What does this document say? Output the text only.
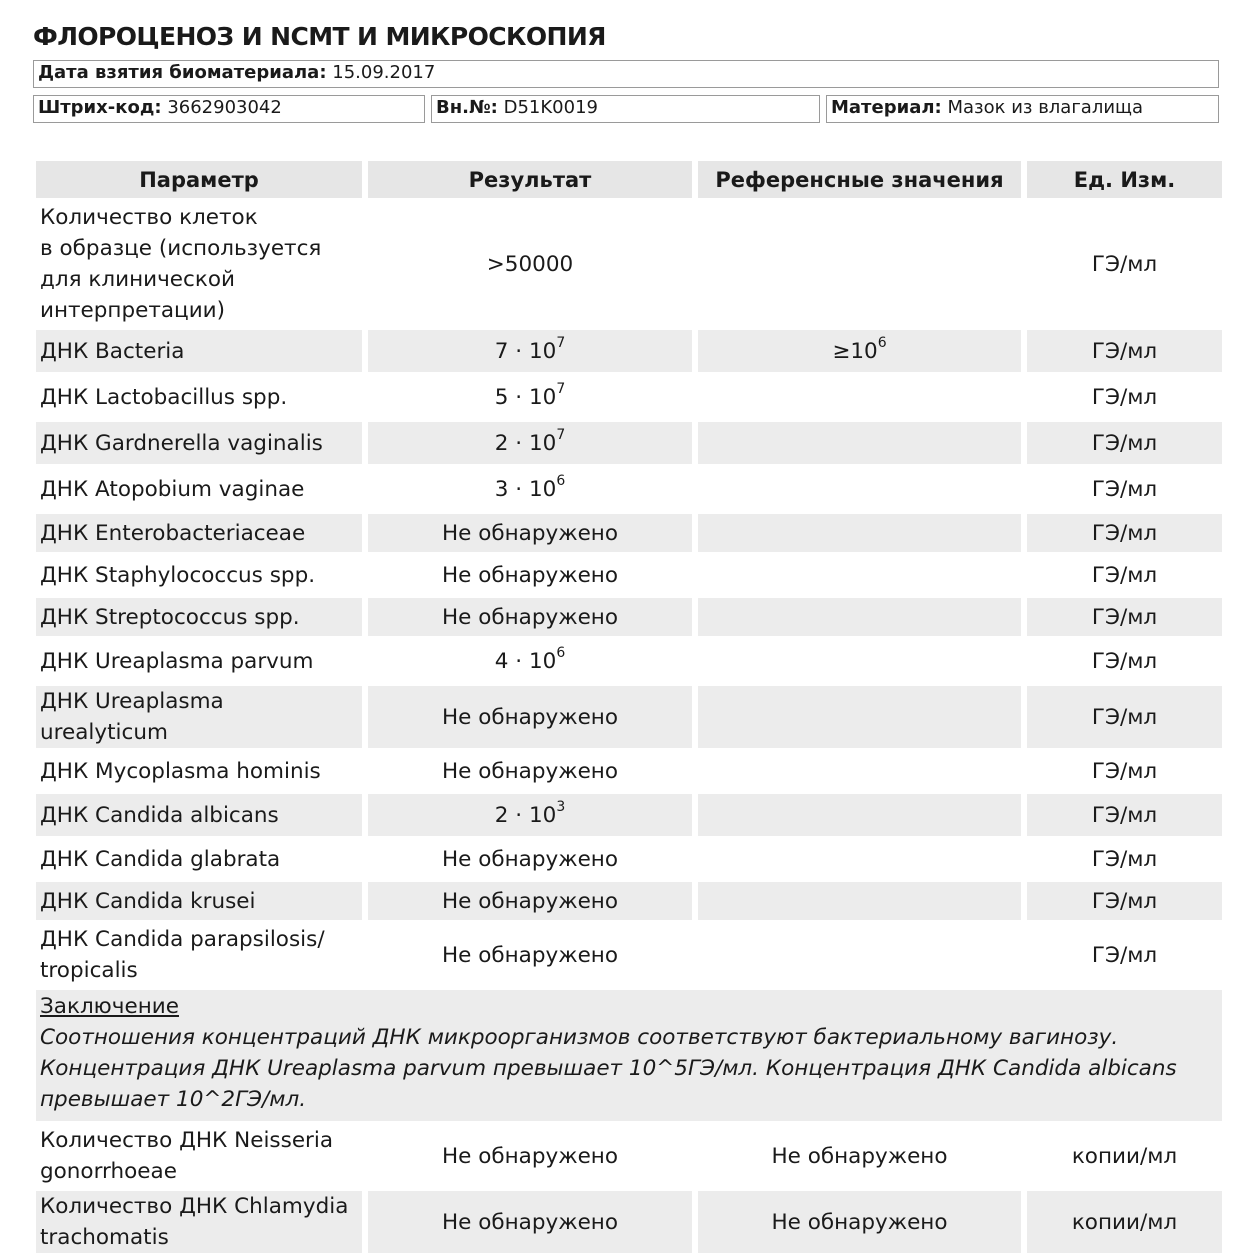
ФЛОРОЦЕНОЗ И NCMT И МИКРОСКОПИЯ
Дата взятия биоматериала: 15.09.2017
Штрих-код: 3662903042	Вн.№: D51K0019	Материал: Мазок из влагалища
Параметр	Результат	Референсные значения	Ед. Изм.
Количество клеток в образце (используется для клинической интерпретации)	>50000		ГЭ/мл
ДНК Bacteria	$7 \cdot 10^7$	$\ge 10^6$	ГЭ/мл
ДНК Lactobacillus spp.	$5 \cdot 10^7$		ГЭ/мл
ДНК Gardnerella vaginalis	$2 \cdot 10^7$		ГЭ/мл
ДНК Atopobium vaginae	$3 \cdot 10^6$		ГЭ/мл
ДНК Enterobacteriaceae	Не обнаружено		ГЭ/мл
ДНК Staphylococcus spp.	Не обнаружено		ГЭ/мл
ДНК Streptococcus spp.	Не обнаружено		ГЭ/мл
ДНК Ureaplasma parvum	$4 \cdot 10^6$		ГЭ/мл
ДНК Ureaplasma urealyticum	Не обнаружено		ГЭ/мл
ДНК Mycoplasma hominis	Не обнаружено		ГЭ/мл
ДНК Candida albicans	$2 \cdot 10^3$		ГЭ/мл
ДНК Candida glabrata	Не обнаружено		ГЭ/мл
ДНК Candida krusei	Не обнаружено		ГЭ/мл
ДНК Candida parapsilosis/ tropicalis	Не обнаружено		ГЭ/мл

Заключение
Соотношения концентраций ДНК микроорганизмов соответствуют бактериальному вагинозу. Концентрация ДНК Ureaplasma parvum превышает 10^5ГЭ/мл. Концентрация ДНК Candida albicans превышает 10^2ГЭ/мл.			

Количество ДНК Neisseria gonorrhoeae	Не обнаружено	Не обнаружено	копии/мл
Количество ДНК Chlamydia trachomatis	Не обнаружено	Не обнаружено	копии/мл
